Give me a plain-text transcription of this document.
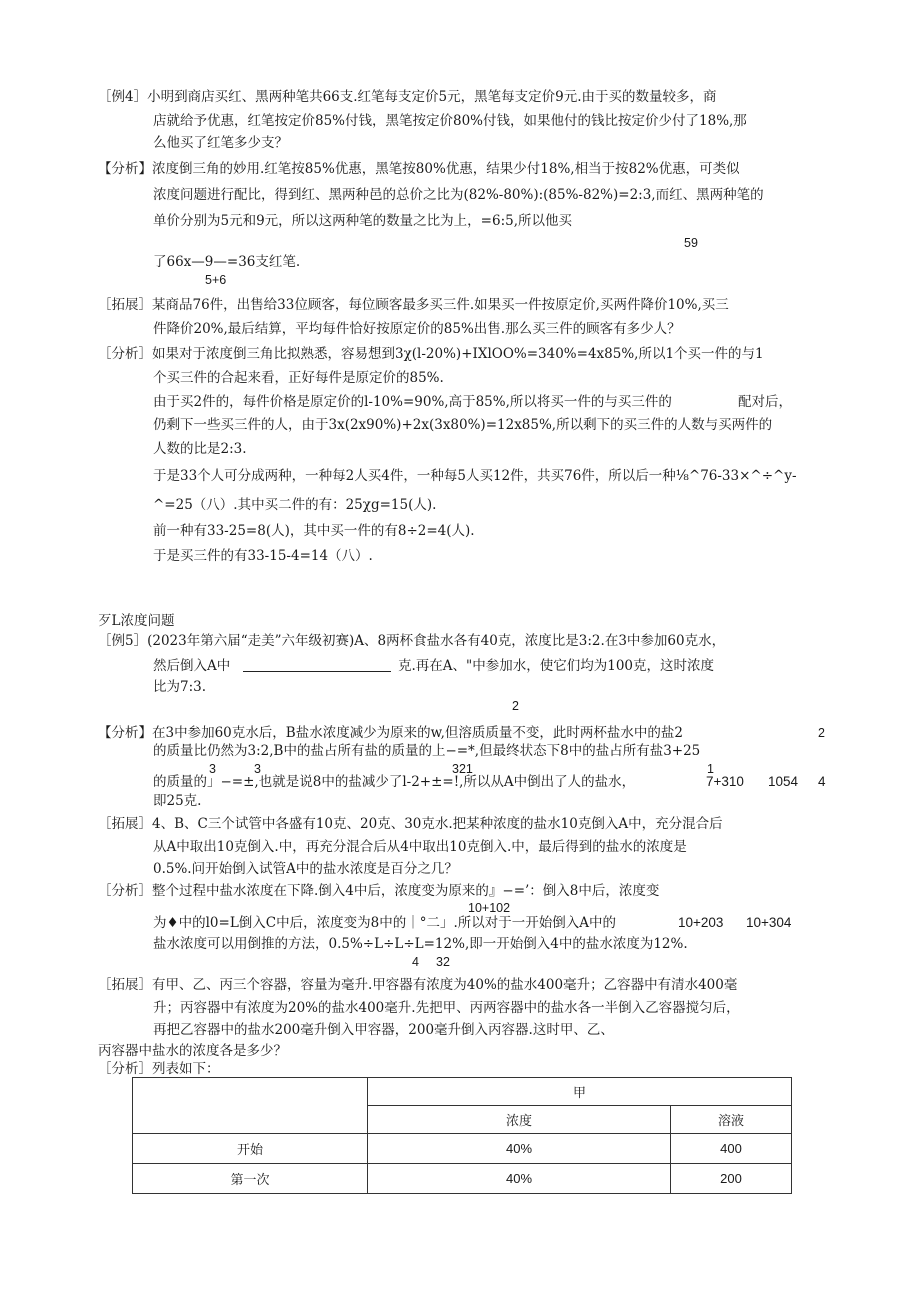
［例4］小明到商店买红、黑两种笔共66支.红笔每支定价5元，黑笔每支定价9元.由于买的数量较多，商
店就给予优惠，红笔按定价85%付钱，黑笔按定价80%付钱，如果他付的钱比按定价少付了18%,那
么他买了红笔多少支？
【分析】浓度倒三角的妙用.红笔按85%优惠，黑笔按80%优惠，结果少付18%,相当于按82%优惠，可类似
浓度问题进行配比，得到红、黑两种邑的总价之比为(82%-80%):(85%-82%)=2:3,而红、黑两种笔的
单价分别为5元和9元，所以这两种笔的数量之比为上，=6:5,所以他买
59
了66x—9—=36支红笔.
5+6
［拓展］某商品76件，出售给33位顾客，每位顾客最多买三件.如果买一件按原定价,买两件降价10%,买三
件降价20%,最后结算，平均每件恰好按原定价的85%出售.那么买三件的顾客有多少人？
［分析］如果对于浓度倒三角比拟熟悉，容易想到3χ(l-20%)+IXlOO%=340%=4x85%,所以1个买一件的与1
个买三件的合起来看，正好每件是原定价的85%.
由于买2件的，每件价格是原定价的l-10%=90%,高于85%,所以将买一件的与买三件的	配对后，
仍剩下一些买三件的人，由于3x(2x90%)+2x(3x80%)=12x85%,所以剩下的买三件的人数与买两件的
人数的比是2:3.
于是33个人可分成两种，一种每2人买4件，一种每5人买12件，共买76件，所以后一种⅛^76-33×^÷^y-
^=25（八）.其中买二件的有：25χg=15(人).
前一种有33-25=8(人)，其中买一件的有8÷2=4(人).
于是买三件的有33-15-4=14（八）.
歹L浓度问题
［例5］(2023年第六届“走美”六年级初赛)A、8两杯食盐水各有40克，浓度比是3:2.在3中参加60克水，
然后倒入A中	克.再在A、"中参加水，使它们均为100克，这时浓度
比为7:3.
2
【分析】在3中参加60克水后，B盐水浓度减少为原来的w,但溶质质量不变，此时两杯盐水中的盐2	2
的质量比仍然为3:2,B中的盐占所有盐的质量的上−=*,但最终状态下8中的盐占所有盐3+25
3	3	321	1
的质量的」−=±,也就是说8中的盐减少了l-2+±=!,所以从A中倒出了人的盐水，	7+310 1054 4
即25克.
［拓展］4、B、C三个试管中各盛有10克、20克、30克水.把某种浓度的盐水10克倒入A中，充分混合后
从A中取出10克倒入.中，再充分混合后从4中取出10克倒入.中，最后得到的盐水的浓度是
0.5%.问开始倒入试管A中的盐水浓度是百分之几？
［分析］整个过程中盐水浓度在下降.倒入4中后，浓度变为原来的』−=’：倒入8中后，浓度变
10+102
为♦中的l0=L倒入C中后，浓度变为8中的｜°二」.所以对于一开始倒入A中的	10+203 10+304
盐水浓度可以用倒推的方法，0.5%÷L÷L÷L=12%,即一开始倒入4中的盐水浓度为12%.
4 32
［拓展］有甲、乙、丙三个容器，容量为毫升.甲容器有浓度为40%的盐水400毫升；乙容器中有清水400毫
升；丙容器中有浓度为20%的盐水400毫升.先把甲、丙两容器中的盐水各一半倒入乙容器搅匀后，
再把乙容器中的盐水200毫升倒入甲容器，200毫升倒入丙容器.这时甲、乙、
丙容器中盐水的浓度各是多少？
［分析］列表如下：
	甲	
	浓度	溶液
开始	40%	400
第一次	40%	200
